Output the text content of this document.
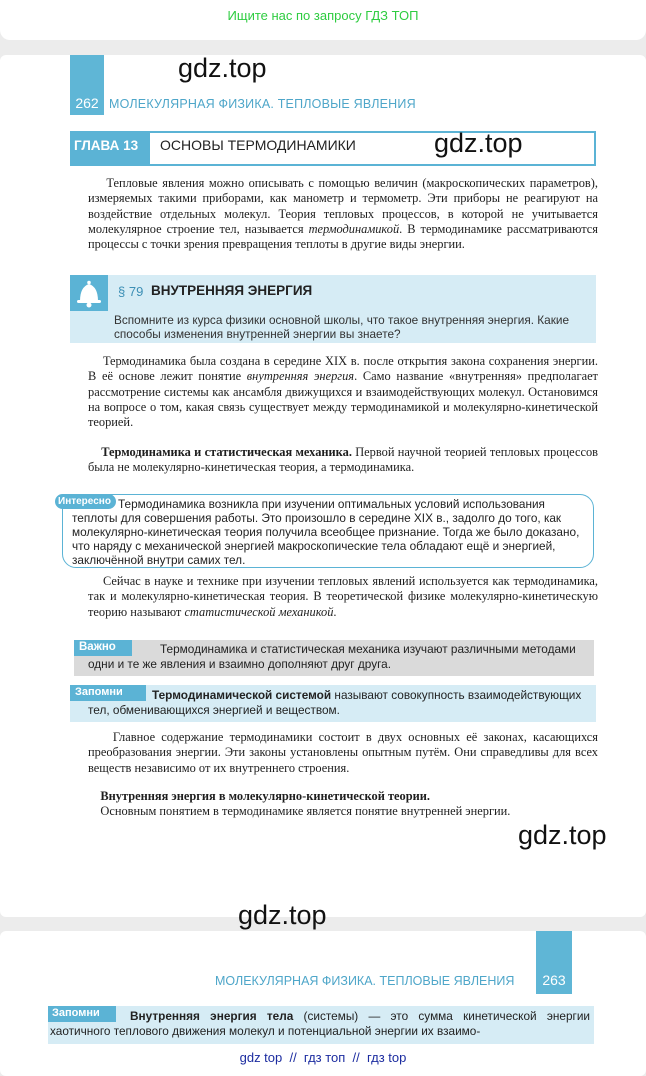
Ищите нас по запросу ГДЗ ТОП
262 МОЛЕКУЛЯРНАЯ ФИЗИКА. ТЕПЛОВЫЕ ЯВЛЕНИЯ
gdz.top
ГЛАВА 13 ОСНОВЫ ТЕРМОДИНАМИКИ	gdz.top

Тепловые явления можно описывать с помощью величин (макроскопических параметров), измеряемых такими приборами, как манометр и термометр. Эти приборы не реагируют на воздействие отдельных молекул. Теория тепловых процессов, в которой не учитывается молекулярное строение тел, называется термодинамикой. В термодинамике рассматриваются процессы с точки зрения превращения теплоты в другие виды энергии.

§ 79 ВНУТРЕННЯЯ ЭНЕРГИЯ
Вспомните из курса физики основной школы, что такое внутренняя энергия. Какие способы изменения внутренней энергии вы знаете?

Термодинамика была создана в середине XIX в. после открытия закона сохранения энергии. В её основе лежит понятие внутренняя энергия. Само название «внутренняя» предполагает рассмотрение системы как ансамбля движущихся и взаимодействующих молекул. Остановимся на вопросе о том, какая связь существует между термодинамикой и молекулярно-кинетической теорией.

Термодинамика и статистическая механика. Первой научной теорией тепловых процессов была не молекулярно-кинетическая теория, а термодинамика.

Термодинамика возникла при изучении оптимальных условий использования теплоты для совершения работы. Это произошло в середине XIX в., задолго до того, как молекулярно-кинетическая теория получила всеобщее признание. Тогда же было доказано, что наряду с механической энергией макроскопические тела обладают ещё и энергией, заключённой внутри самих тел.
Интересно

Сейчас в науке и технике при изучении тепловых явлений используется как термодинамика, так и молекулярно-кинетическая теория. В теоретической физике молекулярно-кинетическую теорию называют статистической механикой.

Термодинамика и статистическая механика изучают различными методами одни и те же явления и взаимно дополняют друг друга.
Важно
Термодинамической системой называют совокупность взаимодействующих тел, обменивающихся энергией и веществом.
Запомни

Главное содержание термодинамики состоит в двух основных её законах, касающихся преобразования энергии. Эти законы установлены опытным путём. Они справедливы для всех веществ независимо от их внутреннего строения.

Внутренняя энергия в молекулярно-кинетической теории.

Основным понятием в термодинамике является понятие внутренней энергии.

gdz.top
gdz.top
263
МОЛЕКУЛЯРНАЯ ФИЗИКА. ТЕПЛОВЫЕ ЯВЛЕНИЯ
Внутренняя энергия тела (системы) — это сумма кинетической энергии хаотичного теплового движения молекул и потенциальной энергии их взаимо-
Запомни
gdz top  //  гдз топ  //  гдз top
